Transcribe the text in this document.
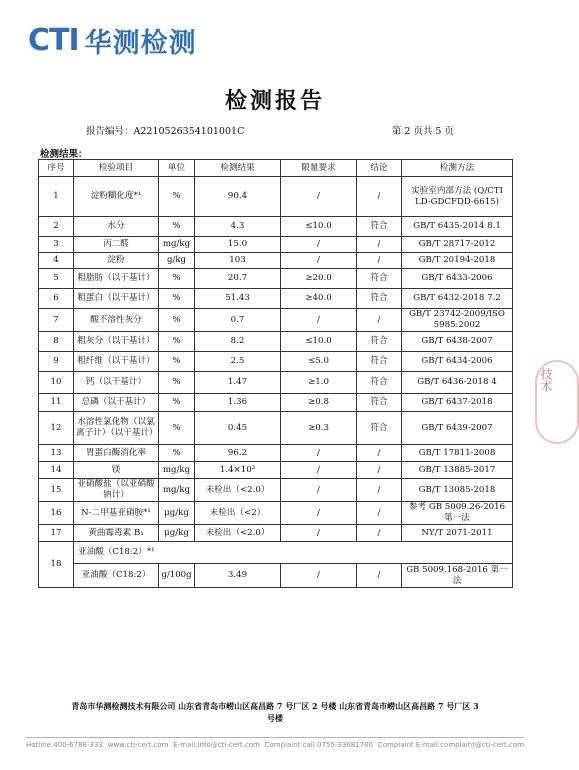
CTI 华测检测
检测报告
报告编号：A2210526354101001C	第 2 页共 5 页
检测结果：
序号	检验项目	单位	检测结果	限量要求	结论	检测方法
1	淀粉糊化度*¹	%	90.4	/	/	实验室内部方法 (Q/CTI LD-GDCFDD-6615)
2	水分	%	4.3	≤10.0	符合	GB/T 6435-2014 8.1
3	丙二醛	mg/kg	15.0	/	/	GB/T 28717-2012
4	淀粉	g/kg	103	/	/	GB/T 20194-2018
5	粗脂肪（以干基计）	%	20.7	≥20.0	符合	GB/T 6433-2006
6	粗蛋白（以干基计）	%	51.43	≥40.0	符合	GB/T 6432-2018 7.2
7	酸不溶性灰分	%	0.7	/	/	GB/T 23742-2009/ISO 5985:2002
8	粗灰分（以干基计）	%	8.2	≤10.0	符合	GB/T 6438-2007
9	粗纤维（以干基计）	%	2.5	≤5.0	符合	GB/T 6434-2006
10	钙（以干基计）	%	1.47	≥1.0	符合	GB/T 6436-2018 4
11	总磷（以干基计）	%	1.36	≥0.8	符合	GB/T 6437-2018
12	水溶性氯化物（以氯离子计）（以干基计）	%	0.45	≥0.3	符合	GB/T 6439-2007
13	胃蛋白酶消化率	%	96.2	/	/	GB/T 17811-2008
14	镁	mg/kg	1.4×10³	/	/	GB/T 13885-2017
15	亚硝酸盐（以亚硝酸钠计）	mg/kg	未检出（<2.0）	/	/	GB/T 13085-2018
16	N-二甲基亚硝胺*¹	μg/kg	未检出（<2）	/	/	参考 GB 5009.26-2016 第一法
17	黄曲霉毒素 B₁	μg/kg	未检出（<2.0）	/	/	NY/T 2071-2011
18	亚油酸（C18:2）*¹					
	亚油酸（C18:2）	g/100g	3.49	/	/	GB 5009.168-2016 第一法
青岛市华测检测技术有限公司 山东省青岛市崂山区高昌路 7 号厂区 2 号楼 山东省青岛市崂山区高昌路 7 号厂区 3 号楼
Hotline:400-6788-333 www.cti-cert.com E-mail:info@cti-cert.com Complaint call:0755-33681700 Complaint E-mail:complaint@cti-cert.com
技术
